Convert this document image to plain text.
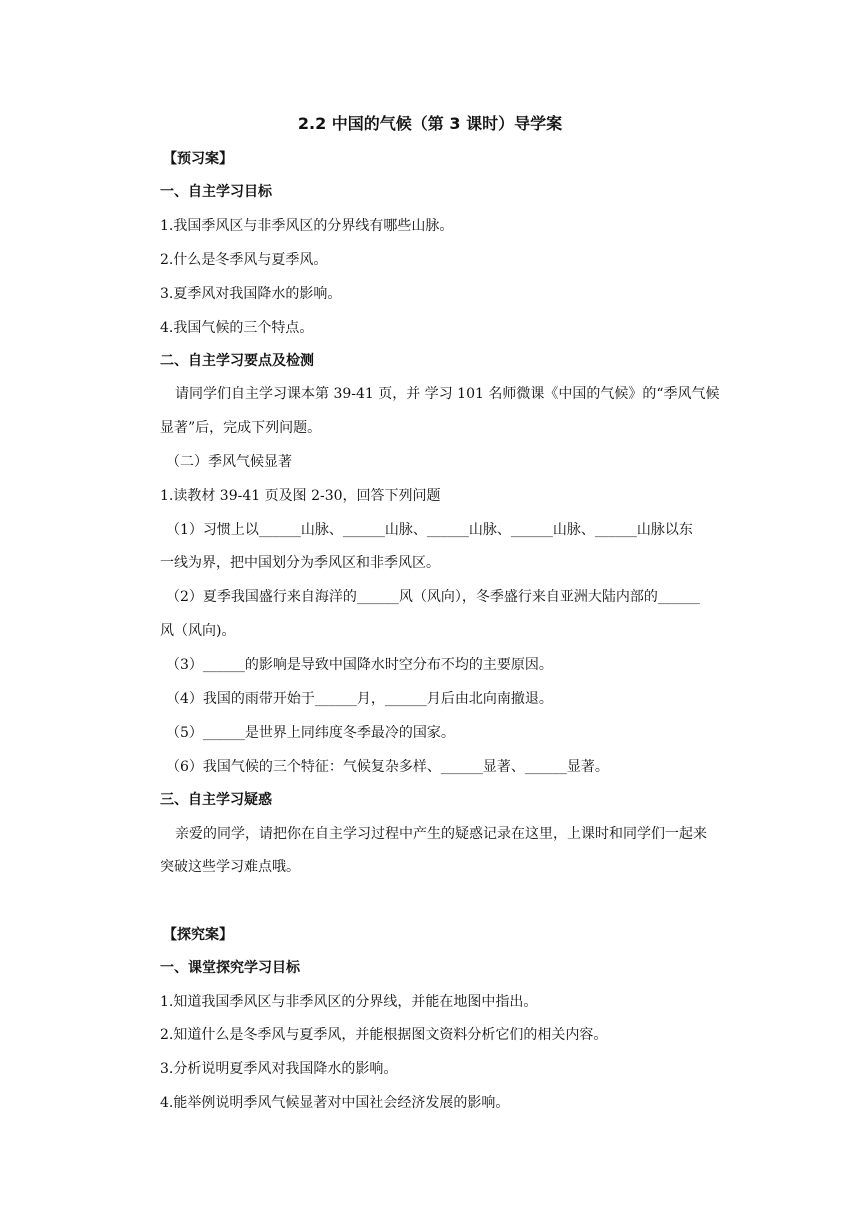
2.2 中国的气候（第 3 课时）导学案
【预习案】
一、自主学习目标
1.我国季风区与非季风区的分界线有哪些山脉。
2.什么是冬季风与夏季风。
3.夏季风对我国降水的影响。
4.我国气候的三个特点。
二、自主学习要点及检测
请同学们自主学习课本第 39-41 页，并 学习 101 名师微课《中国的气候》的“季风气候
显著”后，完成下列问题。
（二）季风气候显著
1.读教材 39-41 页及图 2-30，回答下列问题
（1）习惯上以______山脉、______山脉、______山脉、______山脉、______山脉以东
一线为界，把中国划分为季风区和非季风区。
（2）夏季我国盛行来自海洋的______风（风向），冬季盛行来自亚洲大陆内部的______
风（风向)。
（3）______的影响是导致中国降水时空分布不均的主要原因。
（4）我国的雨带开始于______月，______月后由北向南撤退。
（5）______是世界上同纬度冬季最冷的国家。
（6）我国气候的三个特征：气候复杂多样、______显著、______显著。
三、自主学习疑惑
亲爱的同学，请把你在自主学习过程中产生的疑惑记录在这里，上课时和同学们一起来
突破这些学习难点哦。
【探究案】
一、课堂探究学习目标
1.知道我国季风区与非季风区的分界线，并能在地图中指出。
2.知道什么是冬季风与夏季风，并能根据图文资料分析它们的相关内容。
3.分析说明夏季风对我国降水的影响。
4.能举例说明季风气候显著对中国社会经济发展的影响。
